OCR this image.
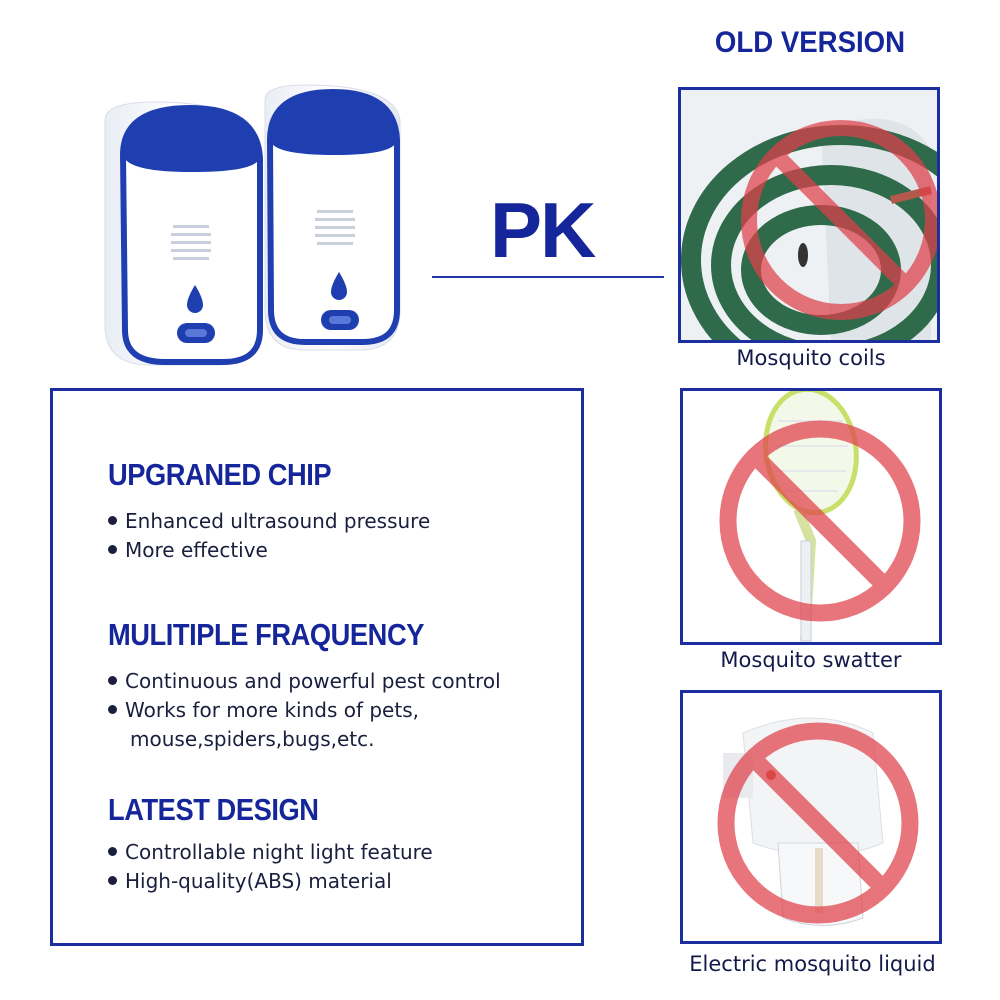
PK
OLD VERSION
Mosquito coils
Mosquito swatter
Electric mosquito liquid
UPGRANED CHIP
Enhanced ultrasound pressure
More effective
MULITIPLE FRAQUENCY
Continuous and powerful pest control
Works for more kinds of pets,
mouse,spiders,bugs,etc.
LATEST DESIGN
Controllable night light feature
High-quality(ABS) material
